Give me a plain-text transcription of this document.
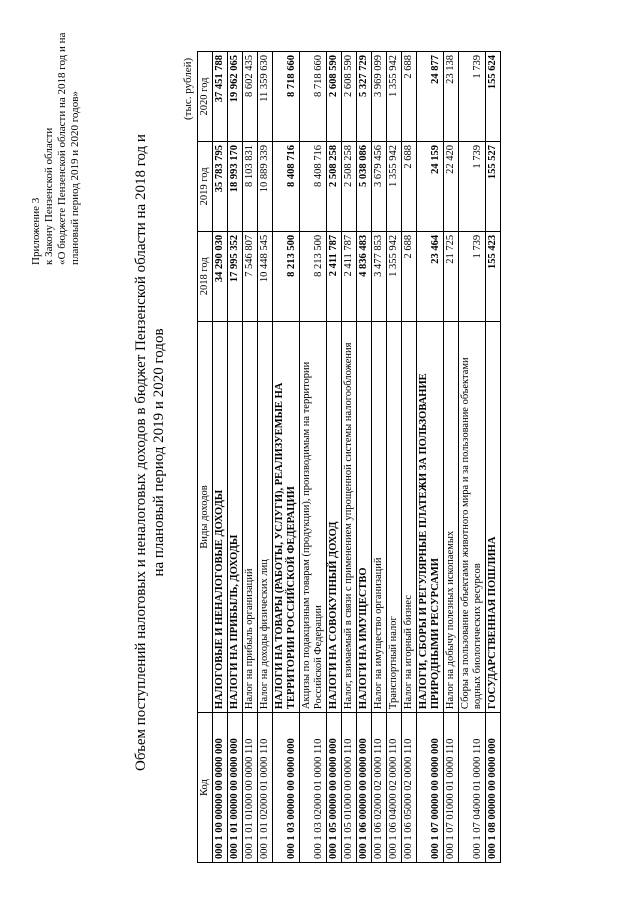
Приложение 3 к Закону Пензенской области «О бюджете Пензенской области на 2018 год и на плановый период 2019 и 2020 годов»	Объем поступлений налоговых и неналоговых доходов в бюджет Пензенской области на 2018 год и на плановый период 2019 и 2020 годов
(тыс. рублей)
Код	Виды доходов	2018 год	2019 год	2020 год
000 1 00 00000 00 0000 000	НАЛОГОВЫЕ И НЕНАЛОГОВЫЕ ДОХОДЫ	34 290 030	35 783 795	37 451 788
000 1 01 00000 00 0000 000	НАЛОГИ НА ПРИБЫЛЬ, ДОХОДЫ	17 995 352	18 993 170	19 962 065
000 1 01 01000 00 0000 110	Налог на прибыль организаций	7 546 807	8 103 831	8 602 435
000 1 01 02000 01 0000 110	Налог на доходы физических лиц	10 448 545	10 889 339	11 359 630
000 1 03 00000 00 0000 000	НАЛОГИ НА ТОВАРЫ (РАБОТЫ, УСЛУГИ), РЕАЛИЗУЕМЫЕ НА ТЕРРИТОРИИ РОССИЙСКОЙ ФЕДЕРАЦИИ	8 213 500	8 408 716	8 718 660
000 1 03 02000 01 0000 110	Акцизы по подакцизным товарам (продукции), производимым на территории Российской Федерации	8 213 500	8 408 716	8 718 660
000 1 05 00000 00 0000 000	НАЛОГИ НА СОВОКУПНЫЙ ДОХОД	2 411 787	2 508 258	2 608 590
000 1 05 01000 00 0000 110	Налог, взимаемый в связи с применением упрощенной системы налогообложения	2 411 787	2 508 258	2 608 590
000 1 06 00000 00 0000 000	НАЛОГИ НА ИМУЩЕСТВО	4 836 483	5 038 086	5 327 729
000 1 06 02000 02 0000 110	Налог на имущество организаций	3 477 853	3 679 456	3 969 099
000 1 06 04000 02 0000 110	Транспортный налог	1 355 942	1 355 942	1 355 942
000 1 06 05000 02 0000 110	Налог на игорный бизнес	2 688	2 688	2 688
000 1 07 00000 00 0000 000	НАЛОГИ, СБОРЫ И РЕГУЛЯРНЫЕ ПЛАТЕЖИ ЗА ПОЛЬЗОВАНИЕ ПРИРОДНЫМИ РЕСУРСАМИ	23 464	24 159	24 877
000 1 07 01000 01 0000 110	Налог на добычу полезных ископаемых	21 725	22 420	23 138
000 1 07 04000 01 0000 110	Сборы за пользование объектами животного мира и за пользование объектами водных биологических ресурсов	1 739	1 739	1 739
000 1 08 00000 00 0000 000	ГОСУДАРСТВЕННАЯ ПОШЛИНА	155 423	155 527	155 624
